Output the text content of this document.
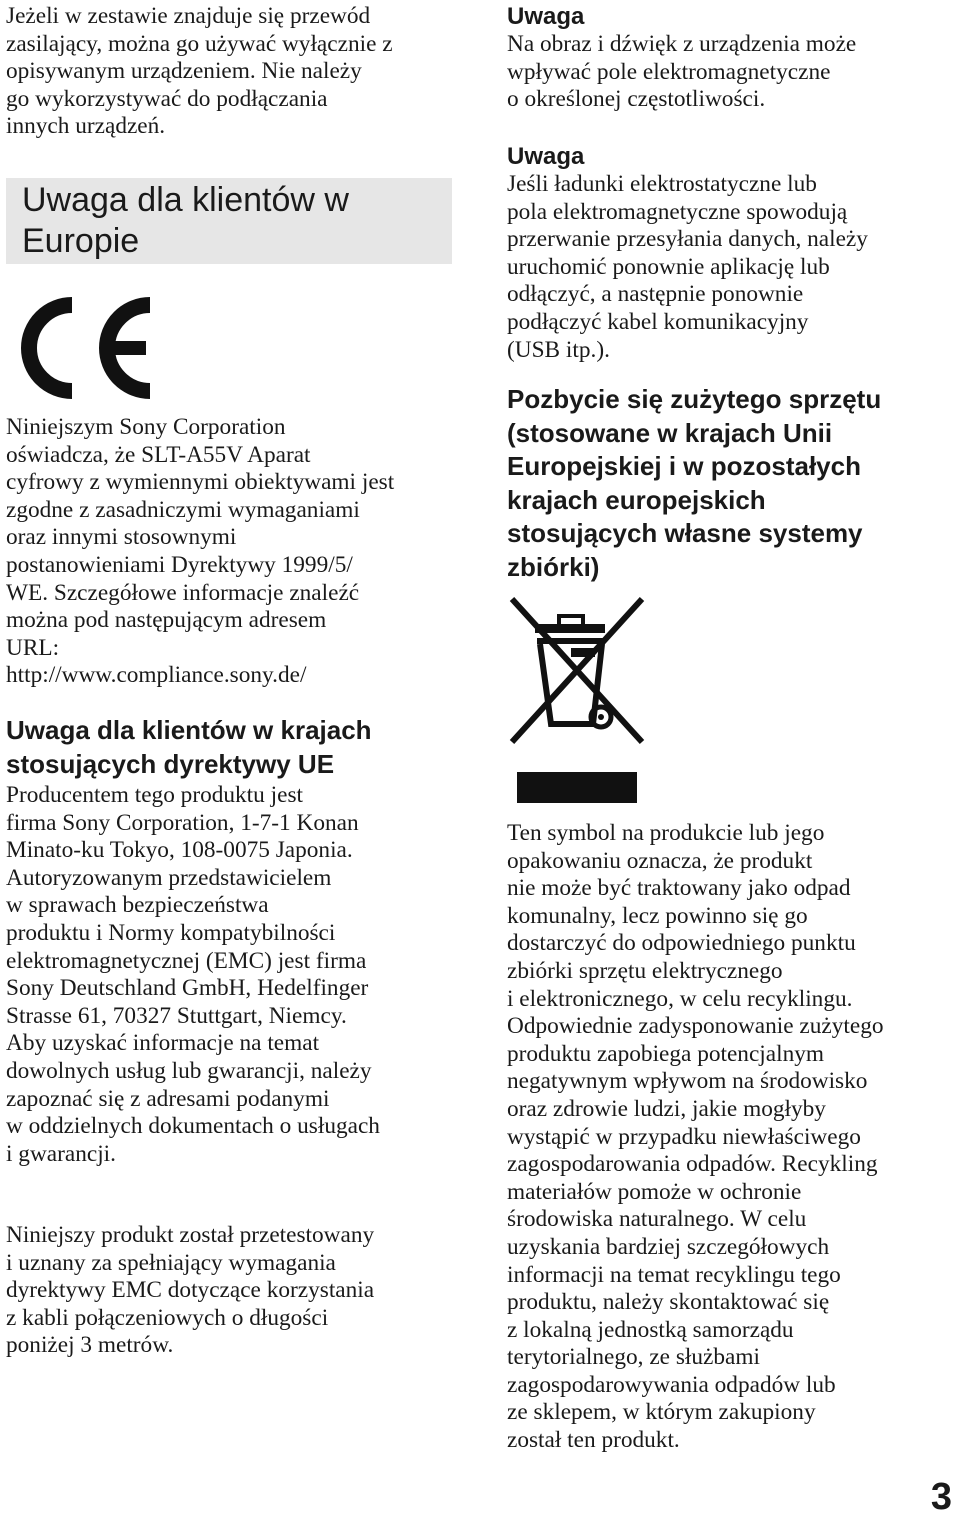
Jeżeli w zestawie znajduje się przewód
zasilający, można go używać wyłącznie z
opisywanym urządzeniem. Nie należy
go wykorzystywać do podłączania
innych urządzeń.

Uwaga dla klientów w
Europie

Niniejszym Sony Corporation
oświadcza, że SLT-A55V Aparat
cyfrowy z wymiennymi obiektywami jest
zgodne z zasadniczymi wymaganiami
oraz innymi stosownymi
postanowieniami Dyrektywy 1999/5/
WE. Szczegółowe informacje znaleźć
można pod następującym adresem
URL:
http://www.compliance.sony.de/

Uwaga dla klientów w krajach
stosujących dyrektywy UE

Producentem tego produktu jest
firma Sony Corporation, 1-7-1 Konan
Minato-ku Tokyo, 108-0075 Japonia.
Autoryzowanym przedstawicielem
w sprawach bezpieczeństwa
produktu i Normy kompatybilności
elektromagnetycznej (EMC) jest firma
Sony Deutschland GmbH, Hedelfinger
Strasse 61, 70327 Stuttgart, Niemcy.
Aby uzyskać informacje na temat
dowolnych usług lub gwarancji, należy
zapoznać się z adresami podanymi
w oddzielnych dokumentach o usługach
i gwarancji.

Niniejszy produkt został przetestowany
i uznany za spełniający wymagania
dyrektywy EMC dotyczące korzystania
z kabli połączeniowych o długości
poniżej 3 metrów.

Uwaga

Na obraz i dźwięk z urządzenia może
wpływać pole elektromagnetyczne
o określonej częstotliwości.

Uwaga

Jeśli ładunki elektrostatyczne lub
pola elektromagnetyczne spowodują
przerwanie przesyłania danych, należy
uruchomić ponownie aplikację lub
odłączyć, a następnie ponownie
podłączyć kabel komunikacyjny
(USB itp.).

Pozbycie się zużytego sprzętu
(stosowane w krajach Unii
Europejskiej i w pozostałych
krajach europejskich
stosujących własne systemy
zbiórki)

Ten symbol na produkcie lub jego
opakowaniu oznacza, że produkt
nie może być traktowany jako odpad
komunalny, lecz powinno się go
dostarczyć do odpowiedniego punktu
zbiórki sprzętu elektrycznego
i elektronicznego, w celu recyklingu.
Odpowiednie zadysponowanie zużytego
produktu zapobiega potencjalnym
negatywnym wpływom na środowisko
oraz zdrowie ludzi, jakie mogłyby
wystąpić w przypadku niewłaściwego
zagospodarowania odpadów. Recykling
materiałów pomoże w ochronie
środowiska naturalnego. W celu
uzyskania bardziej szczegółowych
informacji na temat recyklingu tego
produktu, należy skontaktować się
z lokalną jednostką samorządu
terytorialnego, ze służbami
zagospodarowywania odpadów lub
ze sklepem, w którym zakupiony
został ten produkt.

3
